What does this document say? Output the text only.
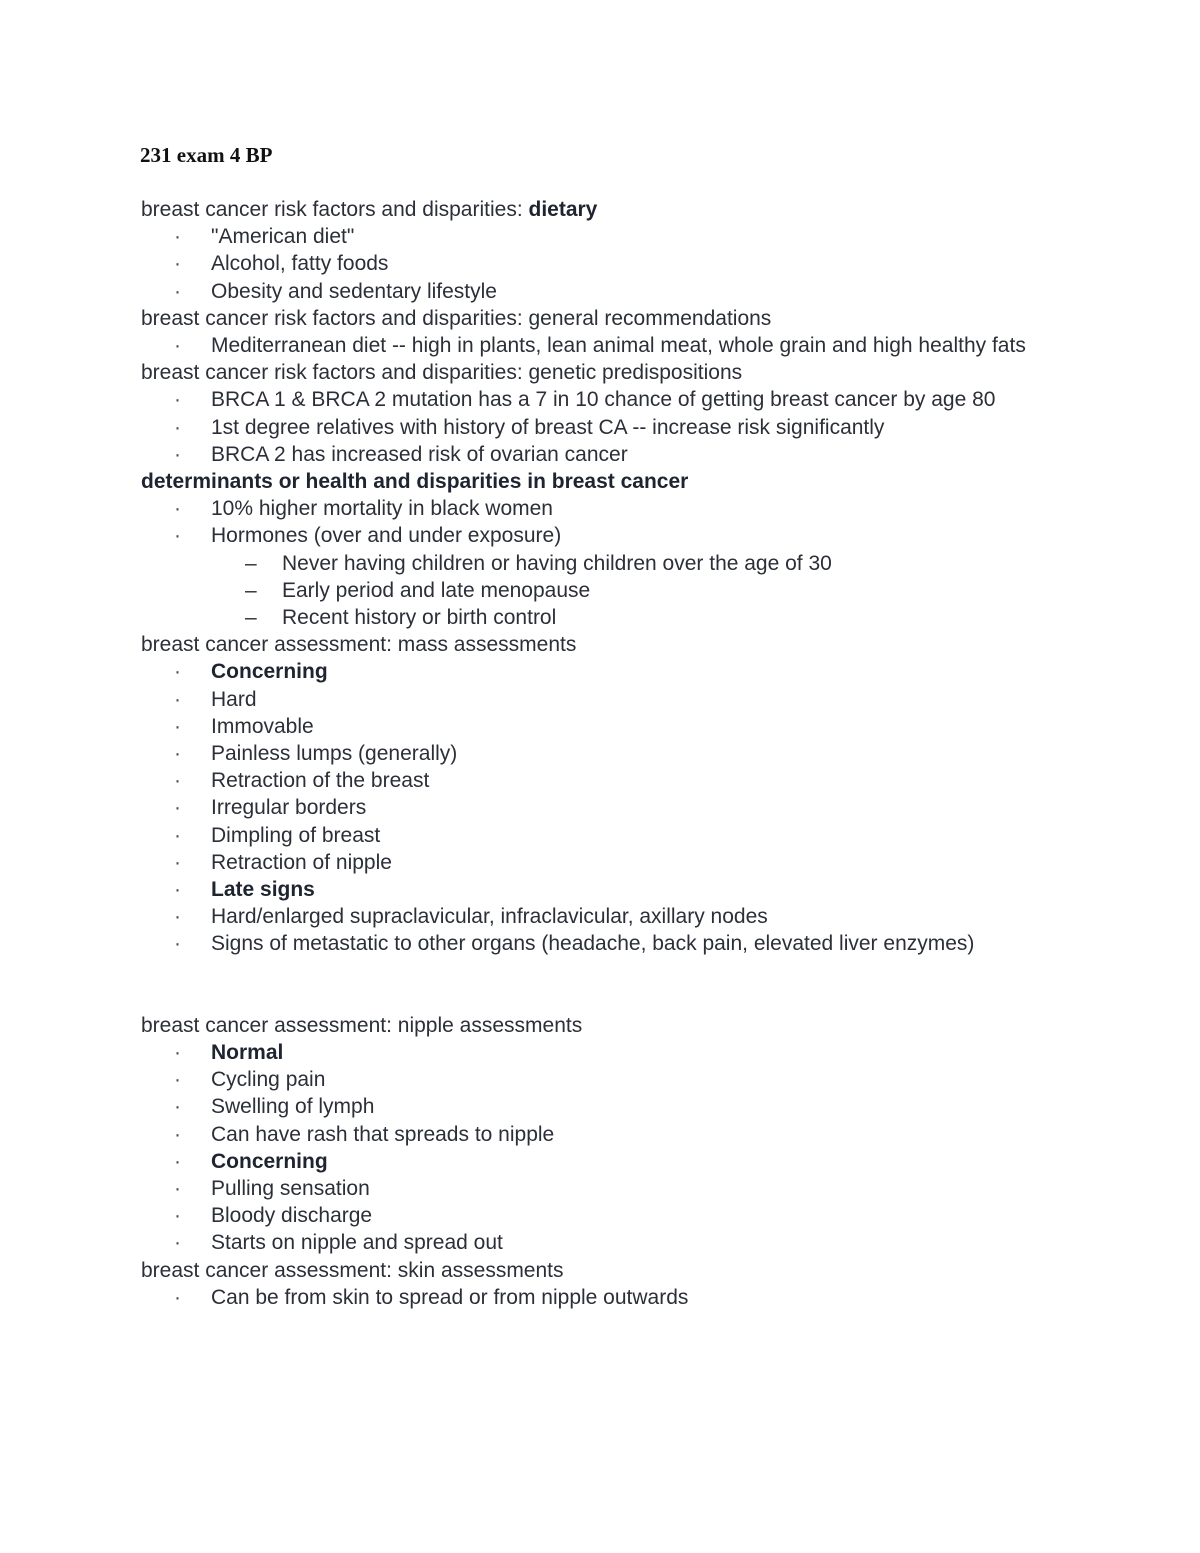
231 exam 4 BP
breast cancer risk factors and disparities: dietary
·	"American diet"
·	Alcohol, fatty foods
·	Obesity and sedentary lifestyle
breast cancer risk factors and disparities: general recommendations
·	Mediterranean diet -- high in plants, lean animal meat, whole grain and high healthy fats
breast cancer risk factors and disparities: genetic predispositions
·	BRCA 1 & BRCA 2 mutation has a 7 in 10 chance of getting breast cancer by age 80
·	1st degree relatives with history of breast CA -- increase risk significantly
·	BRCA 2 has increased risk of ovarian cancer
determinants or health and disparities in breast cancer
·	10% higher mortality in black women
·	Hormones (over and under exposure)
–	Never having children or having children over the age of 30
–	Early period and late menopause
–	Recent history or birth control
breast cancer assessment: mass assessments
·	Concerning
·	Hard
·	Immovable
·	Painless lumps (generally)
·	Retraction of the breast
·	Irregular borders
·	Dimpling of breast
·	Retraction of nipple
·	Late signs
·	Hard/enlarged supraclavicular, infraclavicular, axillary nodes
·	Signs of metastatic to other organs (headache, back pain, elevated liver enzymes)
breast cancer assessment: nipple assessments
·	Normal
·	Cycling pain
·	Swelling of lymph
·	Can have rash that spreads to nipple
·	Concerning
·	Pulling sensation
·	Bloody discharge
·	Starts on nipple and spread out
breast cancer assessment: skin assessments
·	Can be from skin to spread or from nipple outwards
